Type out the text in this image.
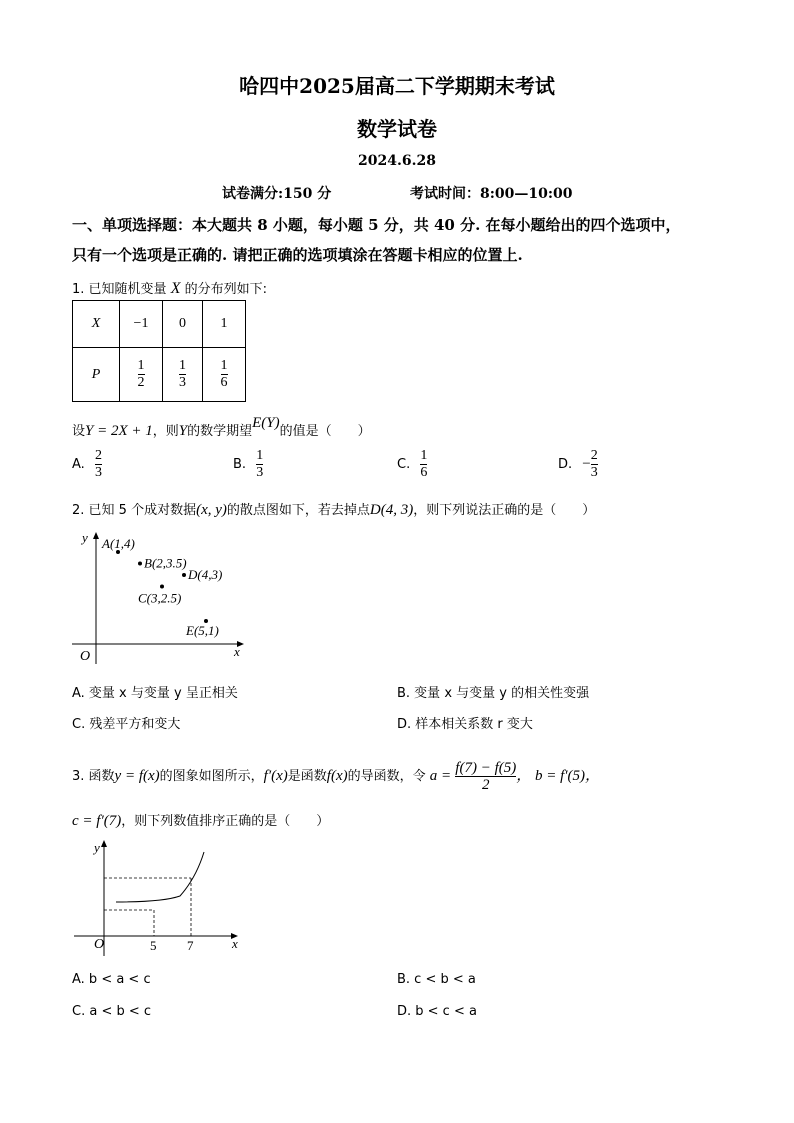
哈四中2025届高二下学期期末考试
数学试卷
2024.6.28
试卷满分:150 分	考试时间：8:00—10:00
一、单项选择题：本大题共 8 小题，每小题 5 分，共 40 分. 在每小题给出的四个选项中，
只有一个选项是正确的. 请把正确的选项填涂在答题卡相应的位置上.
1. 已知随机变量 X 的分布列如下:
X	−1	0	1
P	$\frac{1}{2}$	$\frac{1}{3}$	$\frac{1}{6}$
设Y = 2X + 1，则Y的数学期望E(Y)的值是（　　）
A. $\frac{2}{3}$	B. $\frac{1}{3}$	C. $\frac{1}{6}$	D. − $\frac{2}{3}$
2. 已知 5 个成对数据(x, y)的散点图如下，若去掉点D(4, 3)，则下列说法正确的是（　　）
y
x
O
A(1,4)
B(2,3.5)
C(3,2.5)
D(4,3)
E(5,1)
A. 变量 x 与变量 y 呈正相关	B. 变量 x 与变量 y 的相关性变强
C. 残差平方和变大	D. 样本相关系数 r 变大
3. 函数y = f(x)的图象如图所示，f′(x)是函数f(x)的导函数，令 $a = \frac{f(7) - f(5)}{2}$ ， b = f′(5)，
c = f′(7)，则下列数值排序正确的是（　　）
y
x
O	5 7
A. b < a < c	B. c < b < a
C. a < b < c	D. b < c < a
